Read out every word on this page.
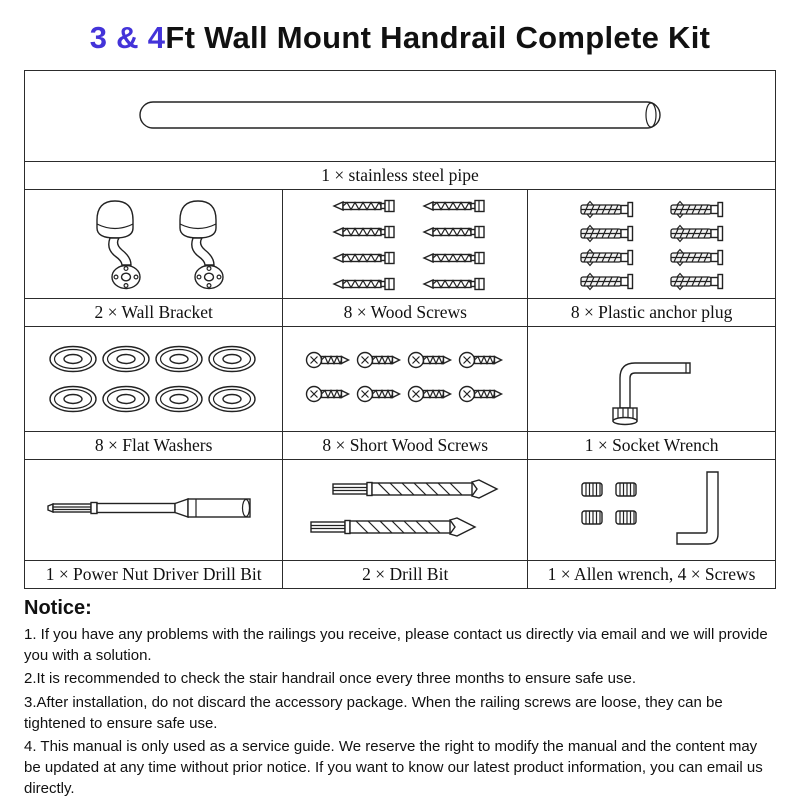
3 & 4Ft Wall Mount Handrail Complete Kit

1 × stainless steel pipe		

2 × Wall Bracket	8 × Wood Screws	8 × Plastic anchor plug

8 × Flat Washers	8 × Short Wood Screws	1 × Socket Wrench

1 × Power Nut Driver Drill Bit	2 × Drill Bit	1 × Allen wrench, 4 × Screws
Notice:

1. If you have any problems with the railings you receive, please contact us directly via email and we will provide you with a solution.

2.It is recommended to check the stair handrail once every three months to ensure safe use.

3.After installation, do not discard the accessory package. When the railing screws are loose, they can be tightened to ensure safe use.

4. This manual is only used as a service guide. We reserve the right to modify the manual and the content may be updated at any time without prior notice. If you want to know our latest product information, you can email us directly.
